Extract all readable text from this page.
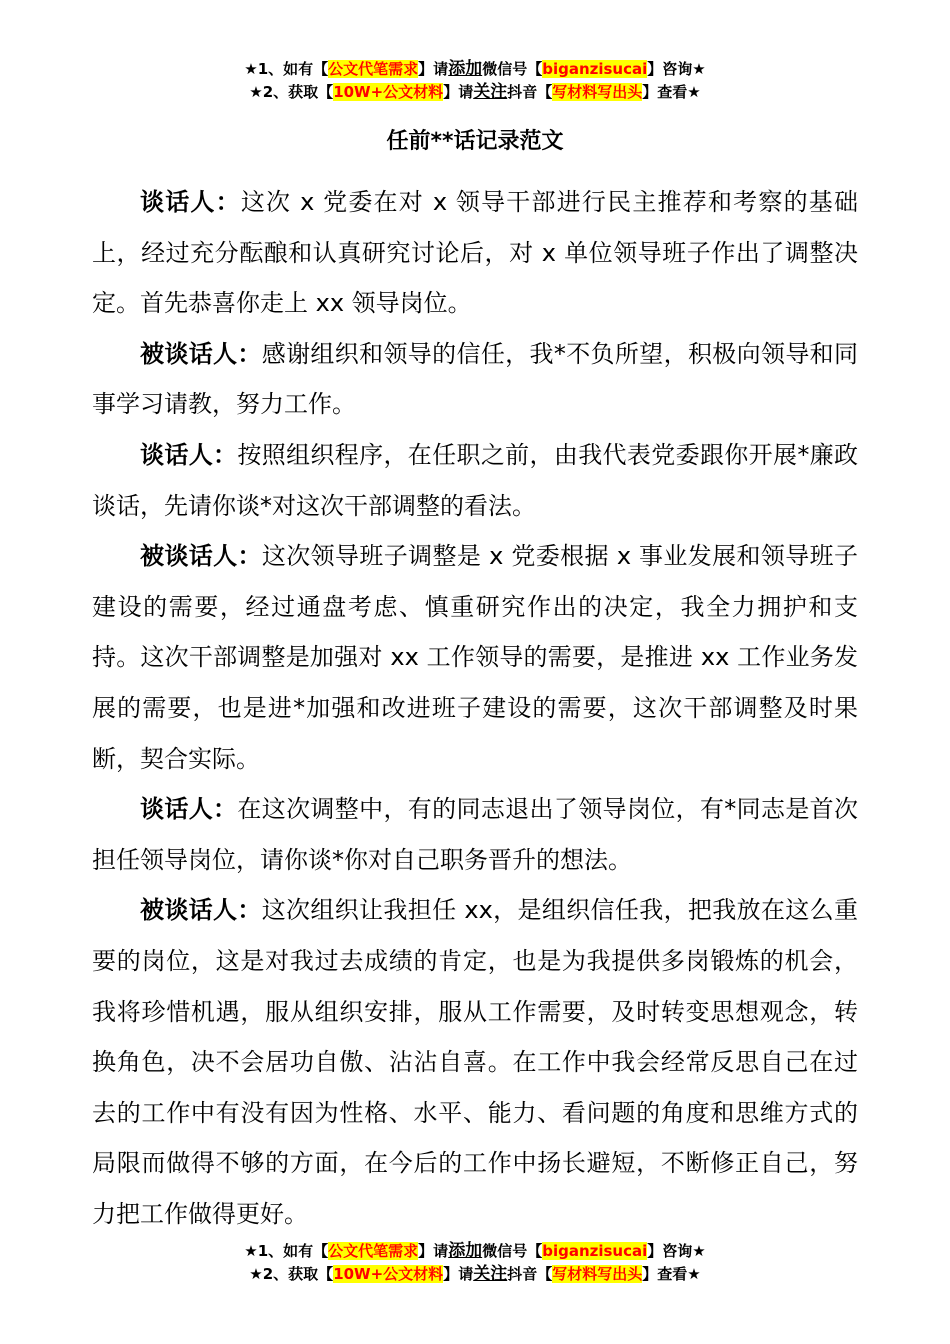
★1、如有【公文代笔需求】请添加微信号【biganzisucai】咨询★
★2、获取【10W+公文材料】请关注抖音【写材料写出头】查看★
任前**话记录范文

谈话人：这次 x 党委在对 x 领导干部进行民主推荐和考察的基础上，经过充分酝酿和认真研究讨论后，对 x 单位领导班子作出了调整决定。首先恭喜你走上 xx 领导岗位。

被谈话人：感谢组织和领导的信任，我*不负所望，积极向领导和同事学习请教，努力工作。

谈话人：按照组织程序，在任职之前，由我代表党委跟你开展*廉政谈话，先请你谈*对这次干部调整的看法。

被谈话人：这次领导班子调整是 x 党委根据 x 事业发展和领导班子建设的需要，经过通盘考虑、慎重研究作出的决定，我全力拥护和支持。这次干部调整是加强对 xx 工作领导的需要，是推进 xx 工作业务发展的需要，也是进*加强和改进班子建设的需要，这次干部调整及时果断，契合实际。

谈话人：在这次调整中，有的同志退出了领导岗位，有*同志是首次担任领导岗位，请你谈*你对自己职务晋升的想法。

被谈话人：这次组织让我担任 xx，是组织信任我，把我放在这么重要的岗位，这是对我过去成绩的肯定，也是为我提供多岗锻炼的机会，我将珍惜机遇，服从组织安排，服从工作需要，及时转变思想观念，转换角色，决不会居功自傲、沾沾自喜。在工作中我会经常反思自己在过去的工作中有没有因为性格、水平、能力、看问题的角度和思维方式的局限而做得不够的方面，在今后的工作中扬长避短，不断修正自己，努力把工作做得更好。

★1、如有【公文代笔需求】请添加微信号【biganzisucai】咨询★
★2、获取【10W+公文材料】请关注抖音【写材料写出头】查看★
